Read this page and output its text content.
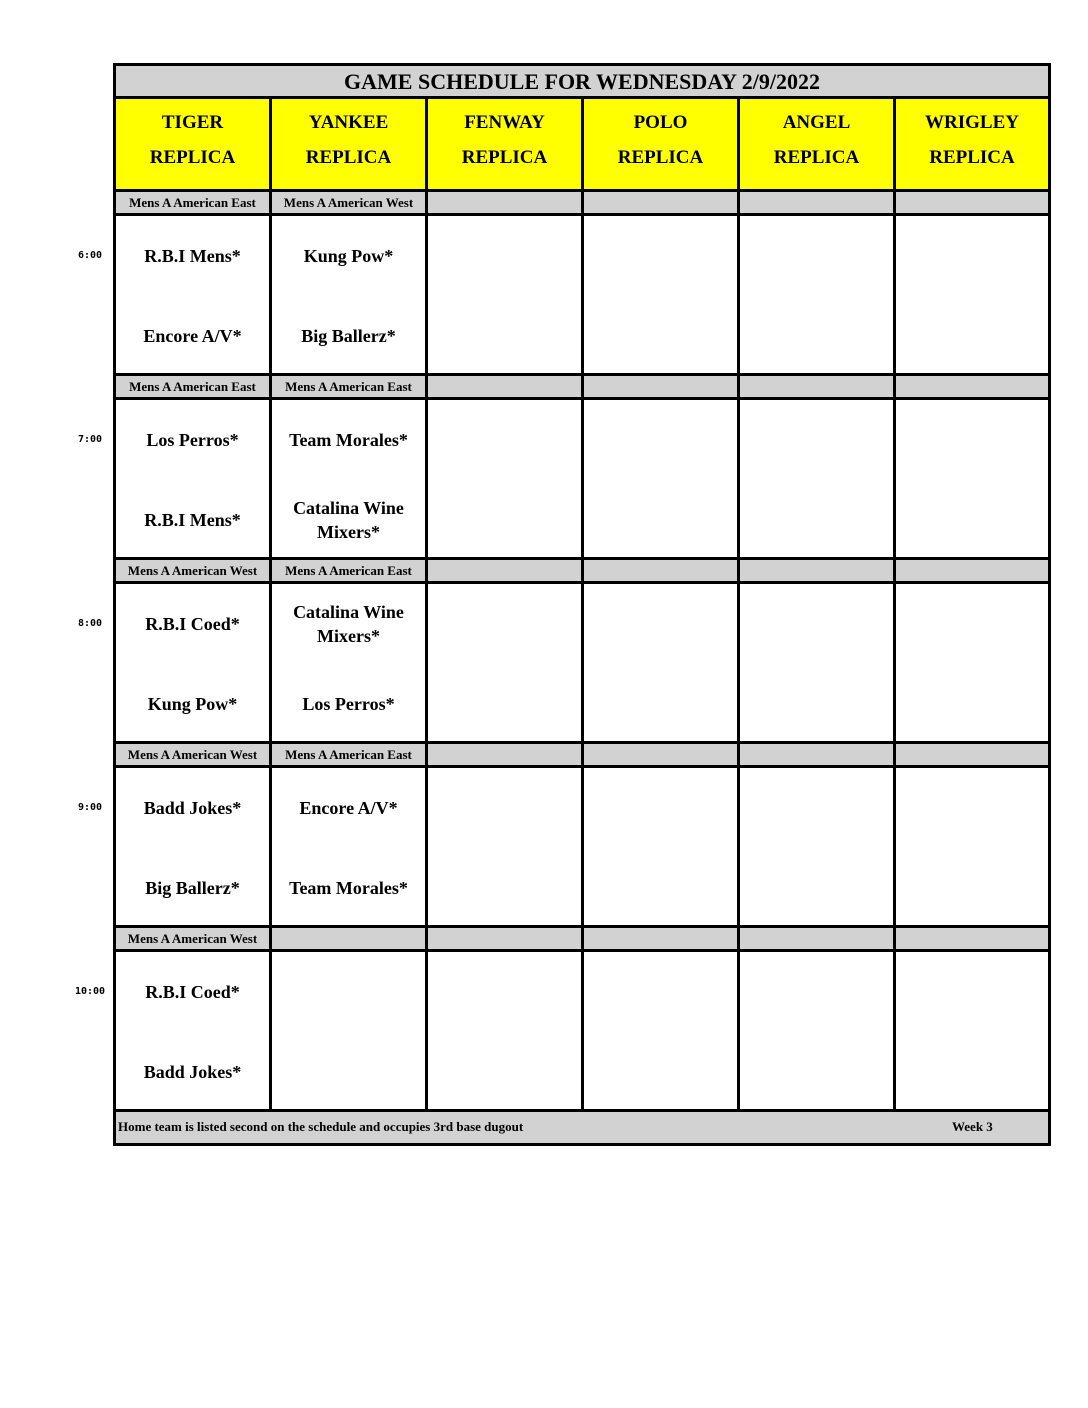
GAME SCHEDULE FOR WEDNESDAY 2/9/2022
TIGER
REPLICA
YANKEE
REPLICA
FENWAY
REPLICA
POLO
REPLICA
ANGEL
REPLICA
WRIGLEY
REPLICA
Mens A American East
R.B.I Mens*
Encore A/V*
Mens A American West
Kung Pow*
Big Ballerz*
Mens A American East
Los Perros*
R.B.I Mens*
Mens A American East
Team Morales*
Catalina Wine Mixers*
Mens A American West
R.B.I Coed*
Kung Pow*
Mens A American East
Catalina Wine Mixers*
Los Perros*
Mens A American West
Badd Jokes*
Big Ballerz*
Mens A American East
Encore A/V*
Team Morales*
Mens A American West
R.B.I Coed*
Badd Jokes*
Home team is listed second on the schedule and occupies 3rd base dugout	Week 3
6:00
7:00
8:00
9:00
10:00
